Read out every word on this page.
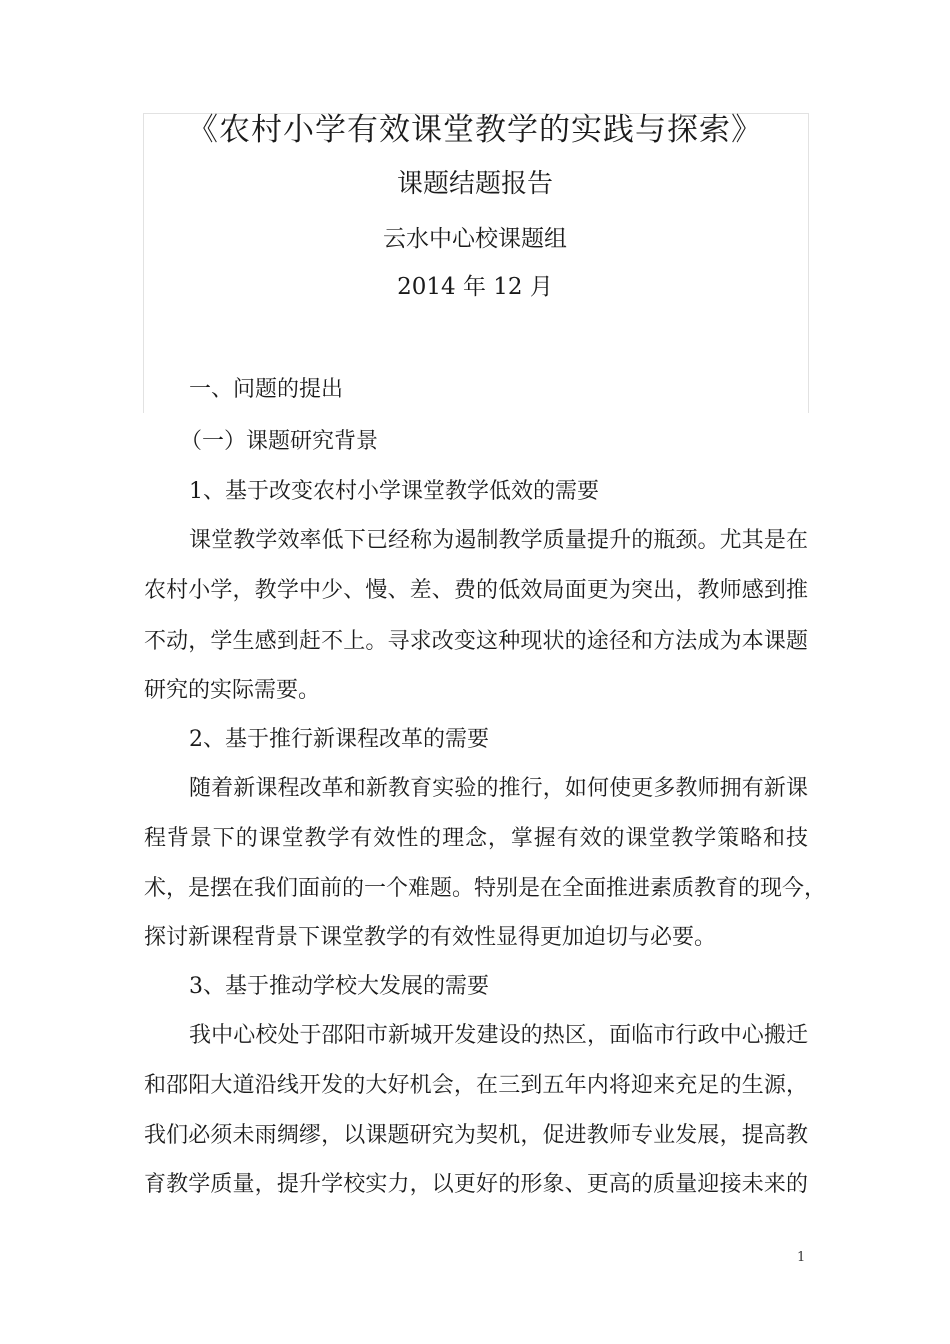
《农村小学有效课堂教学的实践与探索》
课题结题报告
云水中心校课题组
2014 年 12 月
一、问题的提出
（一）课题研究背景
1、基于改变农村小学课堂教学低效的需要
课堂教学效率低下已经称为遏制教学质量提升的瓶颈。尤其是在
农村小学，教学中少、慢、差、费的低效局面更为突出，教师感到推
不动，学生感到赶不上。寻求改变这种现状的途径和方法成为本课题
研究的实际需要。
2、基于推行新课程改革的需要
随着新课程改革和新教育实验的推行，如何使更多教师拥有新课
程背景下的课堂教学有效性的理念，掌握有效的课堂教学策略和技
术，是摆在我们面前的一个难题。特别是在全面推进素质教育的现今，
探讨新课程背景下课堂教学的有效性显得更加迫切与必要。
3、基于推动学校大发展的需要
我中心校处于邵阳市新城开发建设的热区，面临市行政中心搬迁
和邵阳大道沿线开发的大好机会，在三到五年内将迎来充足的生源，
我们必须未雨绸缪，以课题研究为契机，促进教师专业发展，提高教
育教学质量，提升学校实力，以更好的形象、更高的质量迎接未来的
1
